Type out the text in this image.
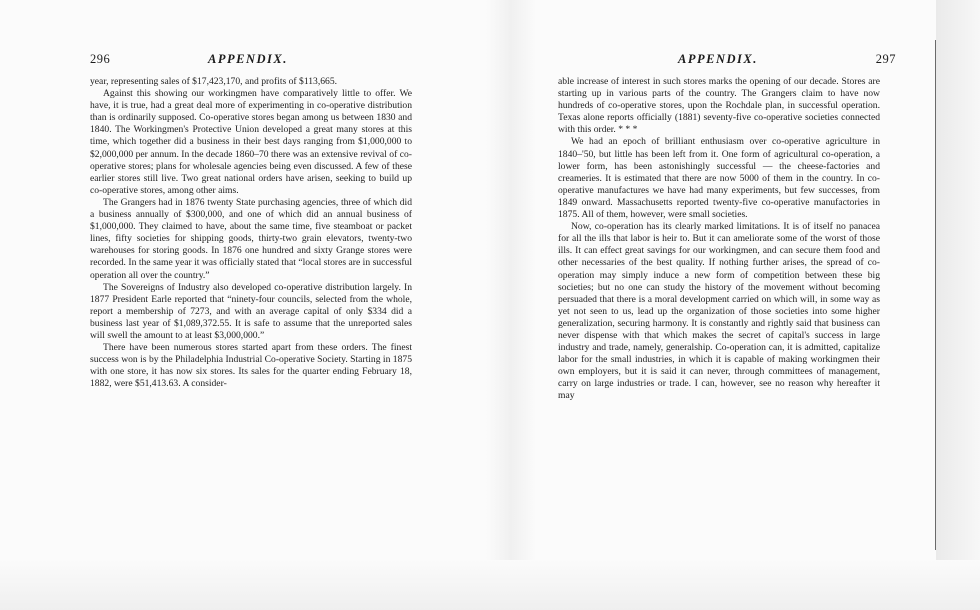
296	APPENDIX.

year, representing sales of $17,423,170, and profits of $113,665.

Against this showing our workingmen have comparatively little to offer. We have, it is true, had a great deal more of experimenting in co-operative distribution than is ordinarily supposed. Co-operative stores began among us between 1830 and 1840. The Workingmen's Protective Union developed a great many stores at this time, which together did a business in their best days ranging from $1,000,000 to $2,000,000 per annum. In the decade 1860–70 there was an extensive revival of co-operative stores; plans for wholesale agencies being even discussed. A few of these earlier stores still live. Two great national orders have arisen, seeking to build up co-operative stores, among other aims.

The Grangers had in 1876 twenty State purchasing agencies, three of which did a business annually of $300,000, and one of which did an annual business of $1,000,000. They claimed to have, about the same time, five steamboat or packet lines, fifty societies for shipping goods, thirty-two grain elevators, twenty-two warehouses for storing goods. In 1876 one hundred and sixty Grange stores were recorded. In the same year it was officially stated that “local stores are in successful operation all over the country.”

The Sovereigns of Industry also developed co-operative distribution largely. In 1877 President Earle reported that “ninety-four councils, selected from the whole, report a membership of 7273, and with an average capital of only $334 did a business last year of $1,089,372.55. It is safe to assume that the unreported sales will swell the amount to at least $3,000,000.”

There have been numerous stores started apart from these orders. The finest success won is by the Philadelphia Industrial Co-operative Society. Starting in 1875 with one store, it has now six stores. Its sales for the quarter ending February 18, 1882, were $51,413.63. A consider-

APPENDIX.	297

able increase of interest in such stores marks the opening of our decade. Stores are starting up in various parts of the country. The Grangers claim to have now hundreds of co-operative stores, upon the Rochdale plan, in successful operation. Texas alone reports officially (1881) seventy-five co-operative societies connected with this order. * * *

We had an epoch of brilliant enthusiasm over co-operative agriculture in 1840–'50, but little has been left from it. One form of agricultural co-operation, a lower form, has been astonishingly successful — the cheese-factories and creameries. It is estimated that there are now 5000 of them in the country. In co-operative manufactures we have had many experiments, but few successes, from 1849 onward. Massachusetts reported twenty-five co-operative manufactories in 1875. All of them, however, were small societies.

Now, co-operation has its clearly marked limitations. It is of itself no panacea for all the ills that labor is heir to. But it can ameliorate some of the worst of those ills. It can effect great savings for our workingmen, and can secure them food and other necessaries of the best quality. If nothing further arises, the spread of co-operation may simply induce a new form of competition between these big societies; but no one can study the history of the movement without becoming persuaded that there is a moral development carried on which will, in some way as yet not seen to us, lead up the organization of those societies into some higher generalization, securing harmony. It is constantly and rightly said that business can never dispense with that which makes the secret of capital's success in large industry and trade, namely, generalship. Co-operation can, it is admitted, capitalize labor for the small industries, in which it is capable of making workingmen their own employers, but it is said it can never, through committees of management, carry on large industries or trade. I can, however, see no reason why hereafter it may
